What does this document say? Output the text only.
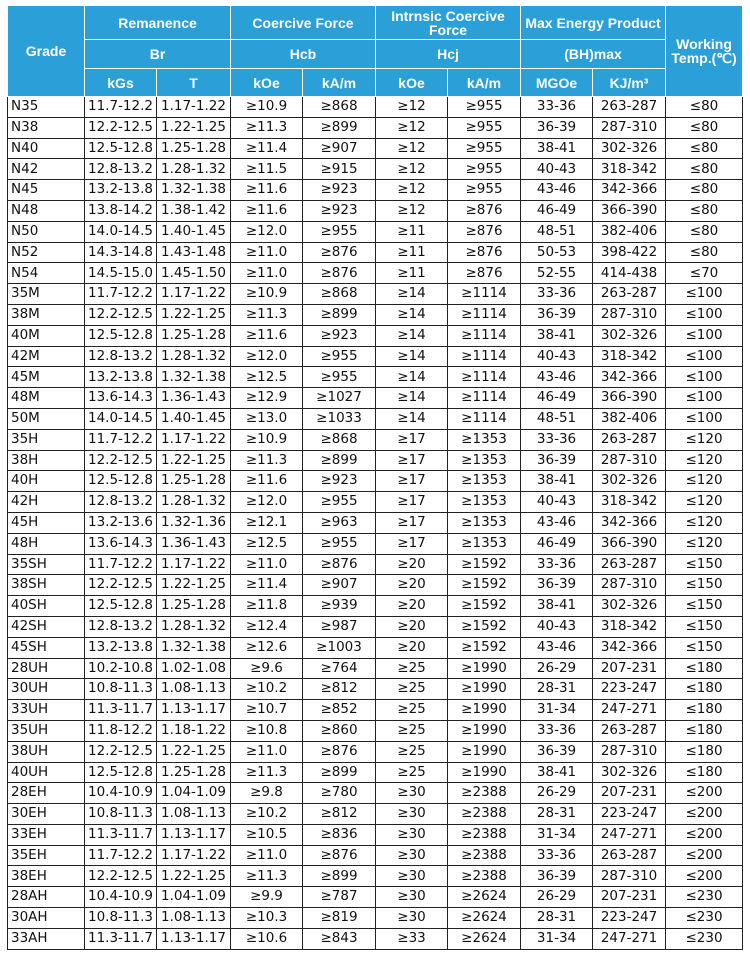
Grade	Remanence		Coercive Force		Intrnsic Coercive Force		Max Energy Product		Working Temp.(℃)
	Br		Hcb		Hcj		(BH)max		
	kGs	T	kOe	kA/m	kOe	kA/m	MGOe	KJ/m³	
N35	11.7-12.2	1.17-1.22	≥10.9	≥868	≥12	≥955	33-36	263-287	≤80
N38	12.2-12.5	1.22-1.25	≥11.3	≥899	≥12	≥955	36-39	287-310	≤80
N40	12.5-12.8	1.25-1.28	≥11.4	≥907	≥12	≥955	38-41	302-326	≤80
N42	12.8-13.2	1.28-1.32	≥11.5	≥915	≥12	≥955	40-43	318-342	≤80
N45	13.2-13.8	1.32-1.38	≥11.6	≥923	≥12	≥955	43-46	342-366	≤80
N48	13.8-14.2	1.38-1.42	≥11.6	≥923	≥12	≥876	46-49	366-390	≤80
N50	14.0-14.5	1.40-1.45	≥12.0	≥955	≥11	≥876	48-51	382-406	≤80
N52	14.3-14.8	1.43-1.48	≥11.0	≥876	≥11	≥876	50-53	398-422	≤80
N54	14.5-15.0	1.45-1.50	≥11.0	≥876	≥11	≥876	52-55	414-438	≤70
35M	11.7-12.2	1.17-1.22	≥10.9	≥868	≥14	≥1114	33-36	263-287	≤100
38M	12.2-12.5	1.22-1.25	≥11.3	≥899	≥14	≥1114	36-39	287-310	≤100
40M	12.5-12.8	1.25-1.28	≥11.6	≥923	≥14	≥1114	38-41	302-326	≤100
42M	12.8-13.2	1.28-1.32	≥12.0	≥955	≥14	≥1114	40-43	318-342	≤100
45M	13.2-13.8	1.32-1.38	≥12.5	≥955	≥14	≥1114	43-46	342-366	≤100
48M	13.6-14.3	1.36-1.43	≥12.9	≥1027	≥14	≥1114	46-49	366-390	≤100
50M	14.0-14.5	1.40-1.45	≥13.0	≥1033	≥14	≥1114	48-51	382-406	≤100
35H	11.7-12.2	1.17-1.22	≥10.9	≥868	≥17	≥1353	33-36	263-287	≤120
38H	12.2-12.5	1.22-1.25	≥11.3	≥899	≥17	≥1353	36-39	287-310	≤120
40H	12.5-12.8	1.25-1.28	≥11.6	≥923	≥17	≥1353	38-41	302-326	≤120
42H	12.8-13.2	1.28-1.32	≥12.0	≥955	≥17	≥1353	40-43	318-342	≤120
45H	13.2-13.6	1.32-1.36	≥12.1	≥963	≥17	≥1353	43-46	342-366	≤120
48H	13.6-14.3	1.36-1.43	≥12.5	≥955	≥17	≥1353	46-49	366-390	≤120
35SH	11.7-12.2	1.17-1.22	≥11.0	≥876	≥20	≥1592	33-36	263-287	≤150
38SH	12.2-12.5	1.22-1.25	≥11.4	≥907	≥20	≥1592	36-39	287-310	≤150
40SH	12.5-12.8	1.25-1.28	≥11.8	≥939	≥20	≥1592	38-41	302-326	≤150
42SH	12.8-13.2	1.28-1.32	≥12.4	≥987	≥20	≥1592	40-43	318-342	≤150
45SH	13.2-13.8	1.32-1.38	≥12.6	≥1003	≥20	≥1592	43-46	342-366	≤150
28UH	10.2-10.8	1.02-1.08	≥9.6	≥764	≥25	≥1990	26-29	207-231	≤180
30UH	10.8-11.3	1.08-1.13	≥10.2	≥812	≥25	≥1990	28-31	223-247	≤180
33UH	11.3-11.7	1.13-1.17	≥10.7	≥852	≥25	≥1990	31-34	247-271	≤180
35UH	11.8-12.2	1.18-1.22	≥10.8	≥860	≥25	≥1990	33-36	263-287	≤180
38UH	12.2-12.5	1.22-1.25	≥11.0	≥876	≥25	≥1990	36-39	287-310	≤180
40UH	12.5-12.8	1.25-1.28	≥11.3	≥899	≥25	≥1990	38-41	302-326	≤180
28EH	10.4-10.9	1.04-1.09	≥9.8	≥780	≥30	≥2388	26-29	207-231	≤200
30EH	10.8-11.3	1.08-1.13	≥10.2	≥812	≥30	≥2388	28-31	223-247	≤200
33EH	11.3-11.7	1.13-1.17	≥10.5	≥836	≥30	≥2388	31-34	247-271	≤200
35EH	11.7-12.2	1.17-1.22	≥11.0	≥876	≥30	≥2388	33-36	263-287	≤200
38EH	12.2-12.5	1.22-1.25	≥11.3	≥899	≥30	≥2388	36-39	287-310	≤200
28AH	10.4-10.9	1.04-1.09	≥9.9	≥787	≥30	≥2624	26-29	207-231	≤230
30AH	10.8-11.3	1.08-1.13	≥10.3	≥819	≥30	≥2624	28-31	223-247	≤230
33AH	11.3-11.7	1.13-1.17	≥10.6	≥843	≥33	≥2624	31-34	247-271	≤230
